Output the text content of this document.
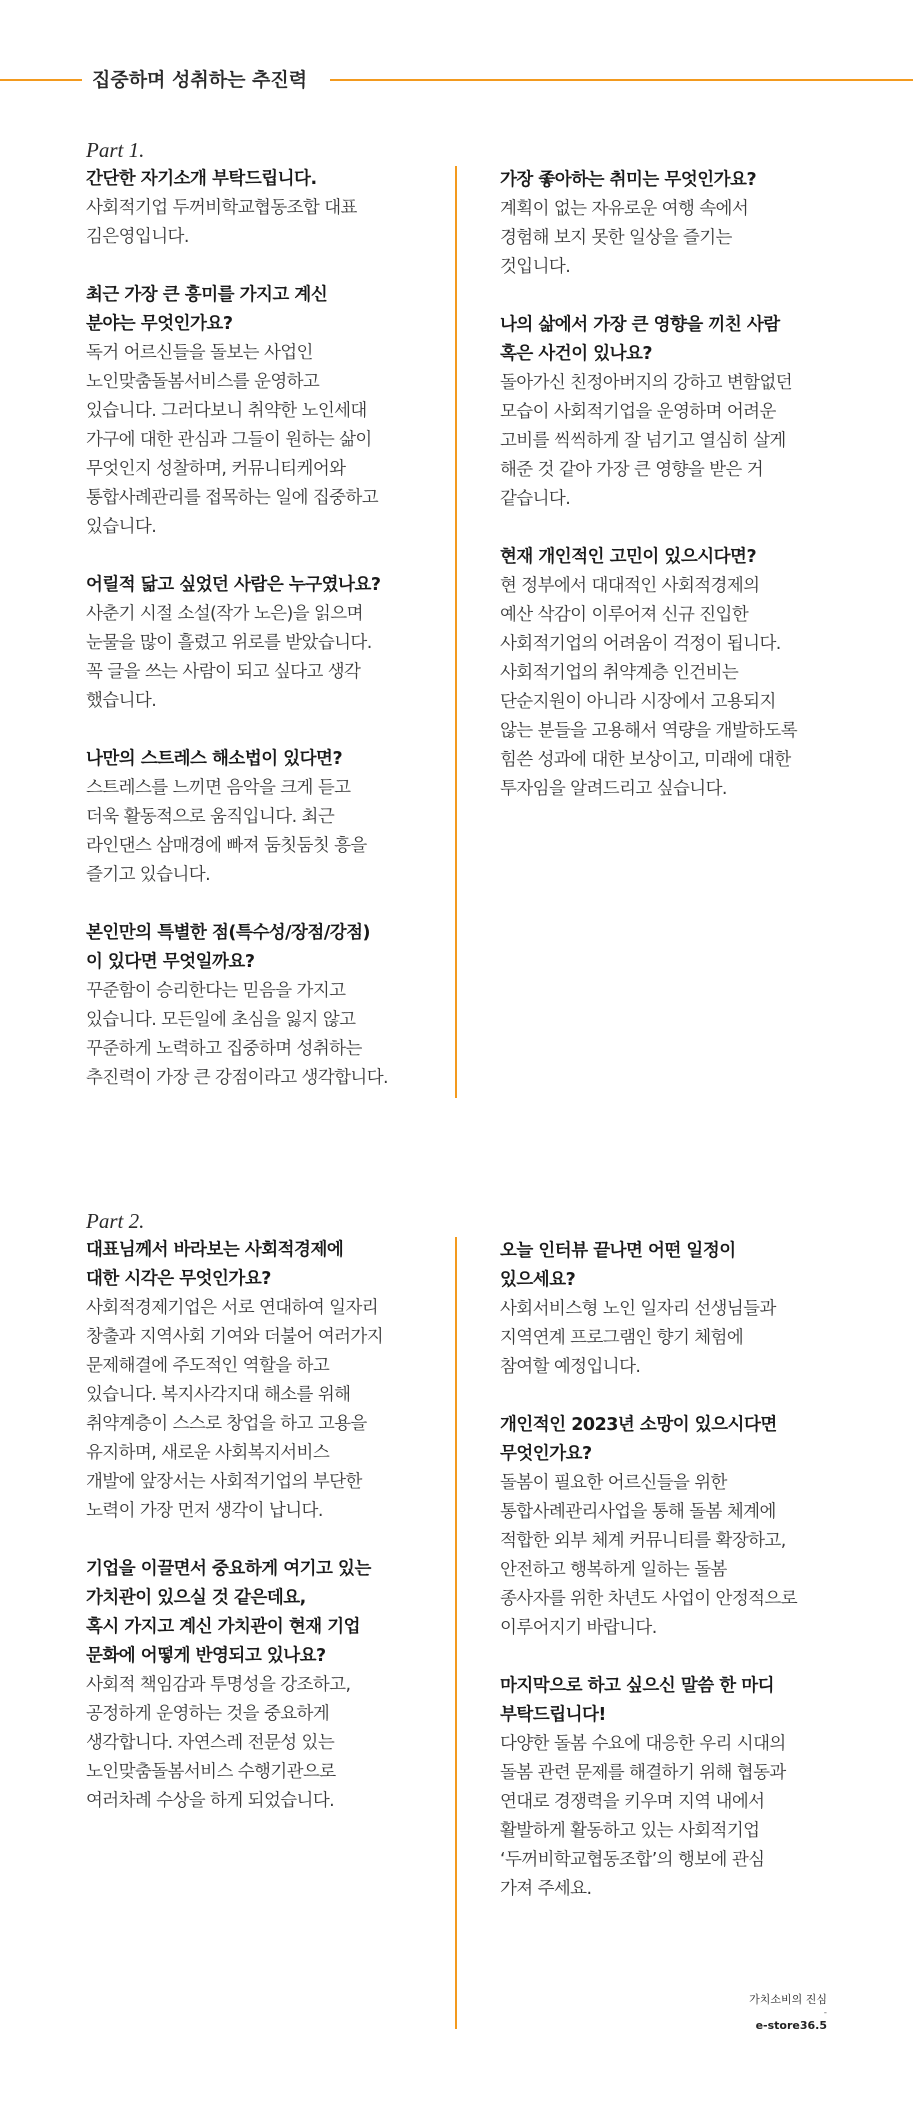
집중하며 성취하는 추진력
Part 1.
간단한 자기소개 부탁드립니다.
사회적기업 두꺼비학교협동조합 대표
김은영입니다.
최근 가장 큰 흥미를 가지고 계신
분야는 무엇인가요?
독거 어르신들을 돌보는 사업인
노인맞춤돌봄서비스를 운영하고
있습니다. 그러다보니 취약한 노인세대
가구에 대한 관심과 그들이 원하는 삶이
무엇인지 성찰하며, 커뮤니티케어와
통합사례관리를 접목하는 일에 집중하고
있습니다.
어릴적 닮고 싶었던 사람은 누구였나요?
사춘기 시절 소설(작가 노은)을 읽으며
눈물을 많이 흘렸고 위로를 받았습니다.
꼭 글을 쓰는 사람이 되고 싶다고 생각
했습니다.
나만의 스트레스 해소법이 있다면?
스트레스를 느끼면 음악을 크게 듣고
더욱 활동적으로 움직입니다. 최근
라인댄스 삼매경에 빠져 둠칫둠칫 흥을
즐기고 있습니다.
본인만의 특별한 점(특수성/장점/강점)
이 있다면 무엇일까요?
꾸준함이 승리한다는 믿음을 가지고
있습니다. 모든일에 초심을 잃지 않고
꾸준하게 노력하고 집중하며 성취하는
추진력이 가장 큰 강점이라고 생각합니다.
가장 좋아하는 취미는 무엇인가요?
계획이 없는 자유로운 여행 속에서
경험해 보지 못한 일상을 즐기는
것입니다.
나의 삶에서 가장 큰 영향을 끼친 사람
혹은 사건이 있나요?
돌아가신 친정아버지의 강하고 변함없던
모습이 사회적기업을 운영하며 어려운
고비를 씩씩하게 잘 넘기고 열심히 살게
해준 것 같아 가장 큰 영향을 받은 거
같습니다.
현재 개인적인 고민이 있으시다면?
현 정부에서 대대적인 사회적경제의
예산 삭감이 이루어져 신규 진입한
사회적기업의 어려움이 걱정이 됩니다.
사회적기업의 취약계층 인건비는
단순지원이 아니라 시장에서 고용되지
않는 분들을 고용해서 역량을 개발하도록
힘쓴 성과에 대한 보상이고, 미래에 대한
투자임을 알려드리고 싶습니다.
Part 2.
대표님께서 바라보는 사회적경제에
대한 시각은 무엇인가요?
사회적경제기업은 서로 연대하여 일자리
창출과 지역사회 기여와 더불어 여러가지
문제해결에 주도적인 역할을 하고
있습니다. 복지사각지대 해소를 위해
취약계층이 스스로 창업을 하고 고용을
유지하며, 새로운 사회복지서비스
개발에 앞장서는 사회적기업의 부단한
노력이 가장 먼저 생각이 납니다.
기업을 이끌면서 중요하게 여기고 있는
가치관이 있으실 것 같은데요,
혹시 가지고 계신 가치관이 현재 기업
문화에 어떻게 반영되고 있나요?
사회적 책임감과 투명성을 강조하고,
공정하게 운영하는 것을 중요하게
생각합니다. 자연스레 전문성 있는
노인맞춤돌봄서비스 수행기관으로
여러차례 수상을 하게 되었습니다.
오늘 인터뷰 끝나면 어떤 일정이
있으세요?
사회서비스형 노인 일자리 선생님들과
지역연계 프로그램인 향기 체험에
참여할 예정입니다.
개인적인 2023년 소망이 있으시다면
무엇인가요?
돌봄이 필요한 어르신들을 위한
통합사례관리사업을 통해 돌봄 체계에
적합한 외부 체계 커뮤니티를 확장하고,
안전하고 행복하게 일하는 돌봄
종사자를 위한 차년도 사업이 안정적으로
이루어지기 바랍니다.
마지막으로 하고 싶으신 말씀 한 마디
부탁드립니다!
다양한 돌봄 수요에 대응한 우리 시대의
돌봄 관련 문제를 해결하기 위해 협동과
연대로 경쟁력을 키우며 지역 내에서
활발하게 활동하고 있는 사회적기업
‘두꺼비학교협동조합’의 행보에 관심
가져 주세요.
가치소비의 진심
-
e-store36.5
